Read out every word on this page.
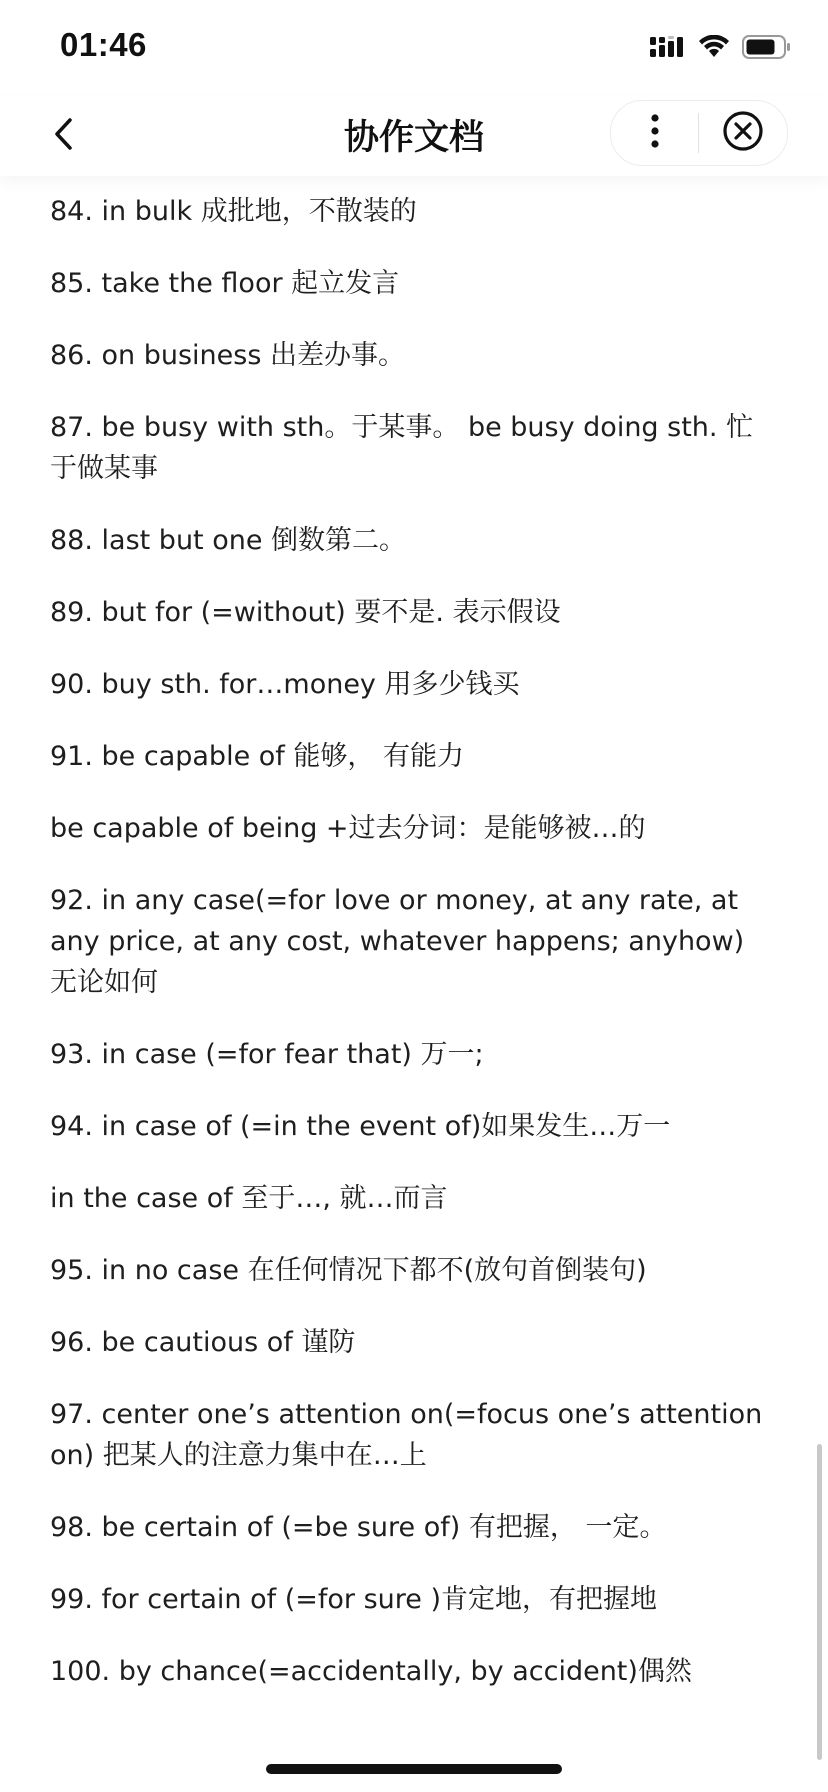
01:46
协作文档

84. in bulk 成批地，不散装的

85. take the floor 起立发言

86. on business 出差办事。

87. be busy with sth。于某事。 be busy doing sth. 忙于做某事

88. last but one 倒数第二。

89. but for (=without) 要不是. 表示假设

90. buy sth. for…money 用多少钱买

91. be capable of 能够， 有能力

be capable of being +过去分词：是能够被…的

92. in any case(=for love or money, at any rate, at any price, at any cost, whatever happens; anyhow)无论如何

93. in case (=for fear that) 万一;

94. in case of (=in the event of)如果发生…万一

in the case of 至于…, 就…而言

95. in no case 在任何情况下都不(放句首倒装句)

96. be cautious of 谨防

97. center one’s attention on(=focus one’s attention on) 把某人的注意力集中在…上

98. be certain of (=be sure of) 有把握， 一定。

99. for certain of (=for sure )肯定地，有把握地

100. by chance(=accidentally, by accident)偶然
